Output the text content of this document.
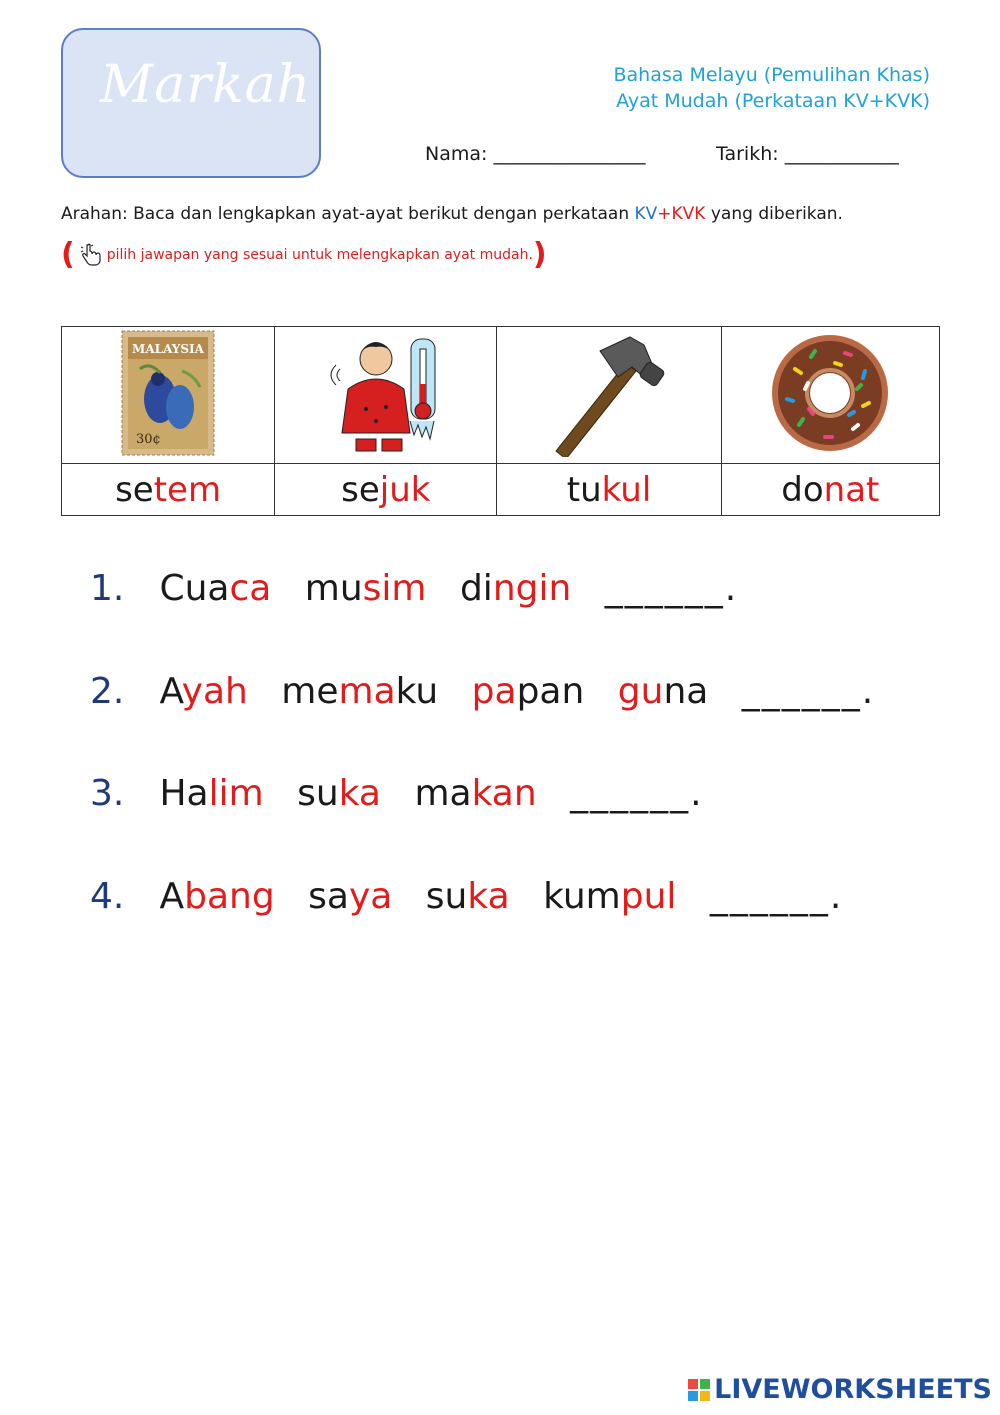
Markah	Bahasa Melayu (Pemulihan Khas)
Ayat Mudah (Perkataan KV+KVK)
Nama: ________________	Tarikh: ____________
Arahan: Baca dan lengkapkan ayat-ayat berikut dengan perkataan KV+KVK yang diberikan.
( pilih jawapan yang sesuai untuk melengkapkan ayat mudah. )
MALAYSIA
30¢

setem	sejuk	tukul	donat
1. Cuaca musim dingin ______.
2. Ayah memaku papan guna ______.
3. Halim suka makan ______.
4. Abang saya suka kumpul ______.
LIVEWORKSHEETS
